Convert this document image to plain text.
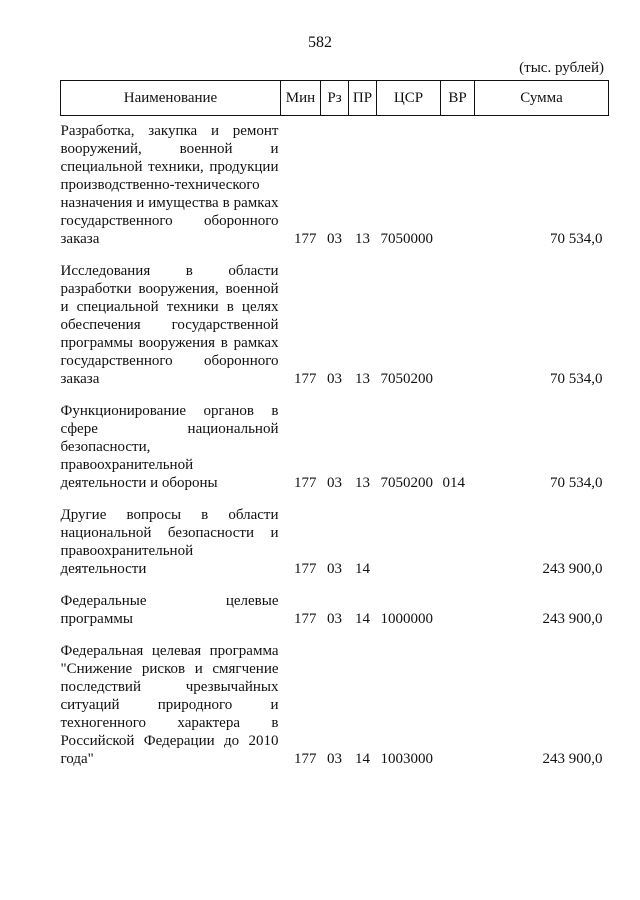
582
(тыс. рублей)
Наименование	Мин	Рз	ПР	ЦСР	ВР	Сумма

Разработка, закупка и ремонт вооружений, военной и специальной техники, продукции производственно-технического назначения и имущества в рамках государственного оборонного заказа	177	03	13	7050000		70 534,0

Исследования в области разработки вооружения, военной и специальной техники в целях обеспечения государственной программы вооружения в рамках государственного оборонного заказа	177	03	13	7050200		70 534,0

Функционирование органов в сфере национальной безопасности, правоохранительной деятельности и обороны	177	03	13	7050200	014	70 534,0

Другие вопросы в области национальной безопасности и правоохранительной деятельности	177	03	14			243 900,0

Федеральные целевые программы	177	03	14	1000000		243 900,0

Федеральная целевая программа "Снижение рисков и смягчение последствий чрезвычайных ситуаций природного и техногенного характера в Российской Федерации до 2010 года"	177	03	14	1003000		243 900,0
